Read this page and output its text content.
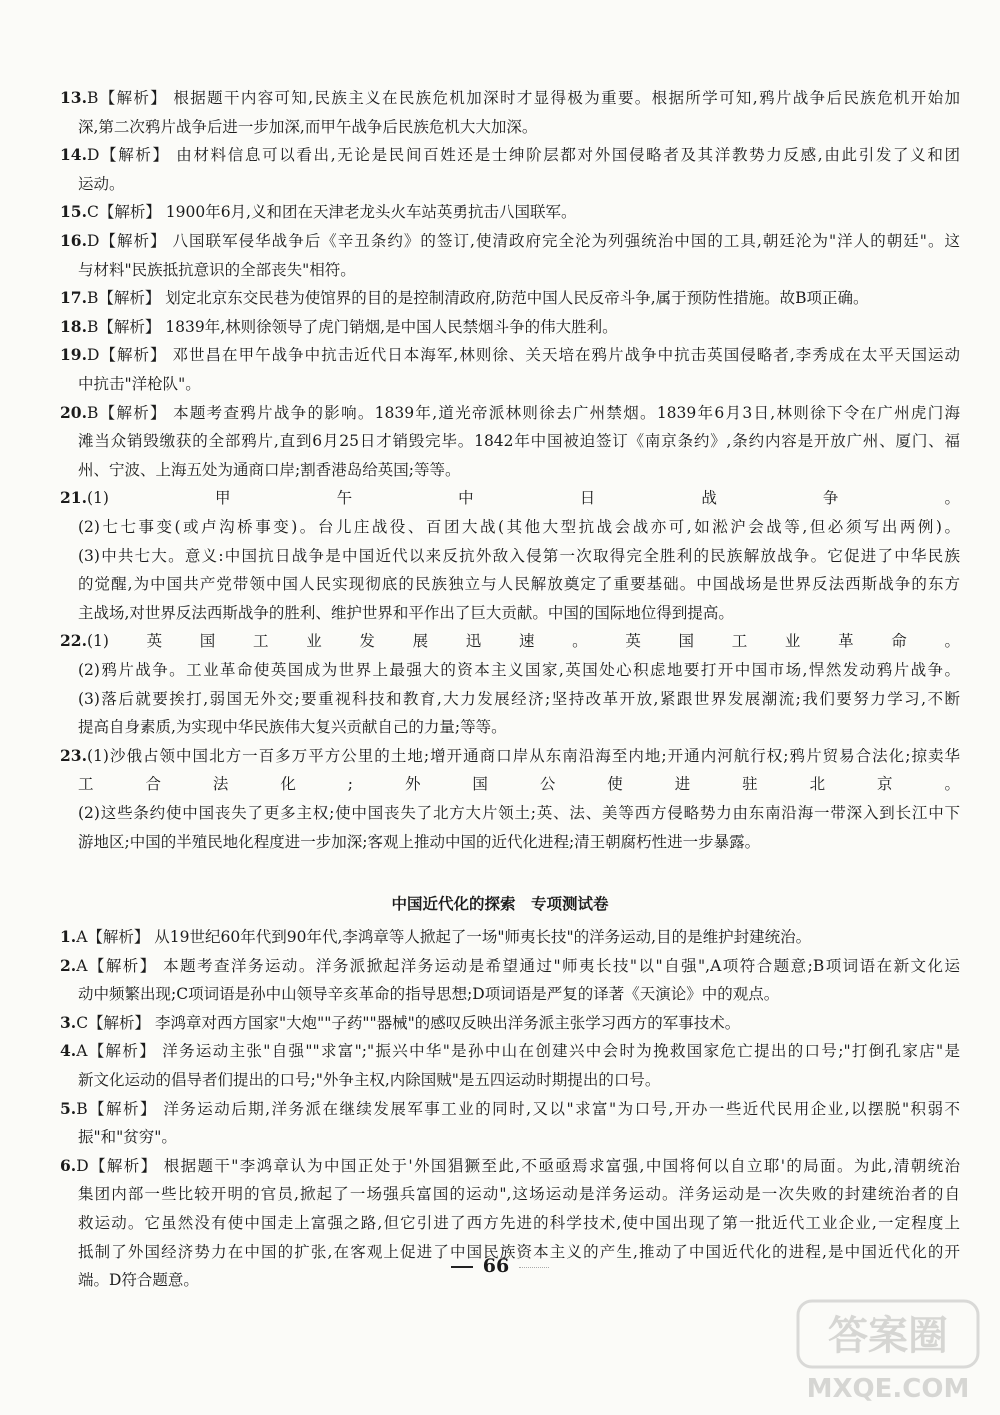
13.B【解析】 根据题干内容可知,民族主义在民族危机加深时才显得极为重要。根据所学可知,鸦片战争后民族危机开始加
深,第二次鸦片战争后进一步加深,而甲午战争后民族危机大大加深。
14.D【解析】 由材料信息可以看出,无论是民间百姓还是士绅阶层都对外国侵略者及其洋教势力反感,由此引发了义和团
运动。
15.C【解析】 1900年6月,义和团在天津老龙头火车站英勇抗击八国联军。
16.D【解析】 八国联军侵华战争后《辛丑条约》的签订,使清政府完全沦为列强统治中国的工具,朝廷沦为"洋人的朝廷"。这
与材料"民族抵抗意识的全部丧失"相符。
17.B【解析】 划定北京东交民巷为使馆界的目的是控制清政府,防范中国人民反帝斗争,属于预防性措施。故B项正确。
18.B【解析】 1839年,林则徐领导了虎门销烟,是中国人民禁烟斗争的伟大胜利。
19.D【解析】 邓世昌在甲午战争中抗击近代日本海军,林则徐、关天培在鸦片战争中抗击英国侵略者,李秀成在太平天国运动
中抗击"洋枪队"。
20.B【解析】 本题考查鸦片战争的影响。1839年,道光帝派林则徐去广州禁烟。1839年6月3日,林则徐下令在广州虎门海
滩当众销毁缴获的全部鸦片,直到6月25日才销毁完毕。1842年中国被迫签订《南京条约》,条约内容是开放广州、厦门、福
州、宁波、上海五处为通商口岸;割香港岛给英国;等等。
21.(1)甲午中日战争。
(2)七七事变(或卢沟桥事变)。台儿庄战役、百团大战(其他大型抗战会战亦可,如淞沪会战等,但必须写出两例)。
(3)中共七大。意义:中国抗日战争是中国近代以来反抗外敌入侵第一次取得完全胜利的民族解放战争。它促进了中华民族
的觉醒,为中国共产党带领中国人民实现彻底的民族独立与人民解放奠定了重要基础。中国战场是世界反法西斯战争的东方
主战场,对世界反法西斯战争的胜利、维护世界和平作出了巨大贡献。中国的国际地位得到提高。
22.(1)英国工业发展迅速。英国工业革命。
(2)鸦片战争。工业革命使英国成为世界上最强大的资本主义国家,英国处心积虑地要打开中国市场,悍然发动鸦片战争。
(3)落后就要挨打,弱国无外交;要重视科技和教育,大力发展经济;坚持改革开放,紧跟世界发展潮流;我们要努力学习,不断
提高自身素质,为实现中华民族伟大复兴贡献自己的力量;等等。
23.(1)沙俄占领中国北方一百多万平方公里的土地;增开通商口岸从东南沿海至内地;开通内河航行权;鸦片贸易合法化;掠卖华
工合法化;外国公使进驻北京。
(2)这些条约使中国丧失了更多主权;使中国丧失了北方大片领土;英、法、美等西方侵略势力由东南沿海一带深入到长江中下
游地区;中国的半殖民地化程度进一步加深;客观上推动中国的近代化进程;清王朝腐朽性进一步暴露。
中国近代化的探索　专项测试卷
1.A【解析】 从19世纪60年代到90年代,李鸿章等人掀起了一场"师夷长技"的洋务运动,目的是维护封建统治。
2.A【解析】 本题考查洋务运动。洋务派掀起洋务运动是希望通过"师夷长技"以"自强",A项符合题意;B项词语在新文化运
动中频繁出现;C项词语是孙中山领导辛亥革命的指导思想;D项词语是严复的译著《天演论》中的观点。
3.C【解析】 李鸿章对西方国家"大炮""子药""器械"的感叹反映出洋务派主张学习西方的军事技术。
4.A【解析】 洋务运动主张"自强""求富";"振兴中华"是孙中山在创建兴中会时为挽救国家危亡提出的口号;"打倒孔家店"是
新文化运动的倡导者们提出的口号;"外争主权,内除国贼"是五四运动时期提出的口号。
5.B【解析】 洋务运动后期,洋务派在继续发展军事工业的同时,又以"求富"为口号,开办一些近代民用企业,以摆脱"积弱不
振"和"贫穷"。
6.D【解析】 根据题干"李鸿章认为中国正处于'外国猖獗至此,不亟亟焉求富强,中国将何以自立耶'的局面。为此,清朝统治
集团内部一些比较开明的官员,掀起了一场强兵富国的运动",这场运动是洋务运动。洋务运动是一次失败的封建统治者的自
救运动。它虽然没有使中国走上富强之路,但它引进了西方先进的科学技术,使中国出现了第一批近代工业企业,一定程度上
抵制了外国经济势力在中国的扩张,在客观上促进了中国民族资本主义的产生,推动了中国近代化的进程,是中国近代化的开
端。D符合题意。
66
答案圈
MXQE.COM
